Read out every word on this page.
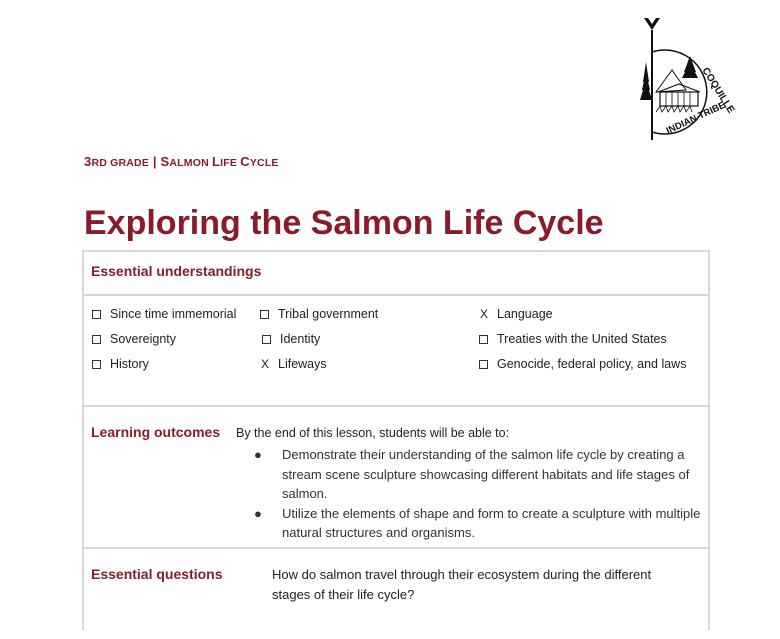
COQUILLE
INDIAN TRIBE
3RD GRADE | SALMON LIFE CYCLE
Exploring the Salmon Life Cycle
Essential understandings
Since time immemorial	Tribal government	X Language
Sovereignty	Identity	Treaties with the United States
History	X Lifeways	Genocide, federal policy, and laws
Learning outcomes By the end of this lesson, students will be able to:
● Demonstrate their understanding of the salmon life cycle by creating a stream scene sculpture showcasing different habitats and life stages of salmon.
● Utilize the elements of shape and form to create a sculpture with multiple natural structures and organisms.
Essential questions	How do salmon travel through their ecosystem during the different stages of their life cycle?
